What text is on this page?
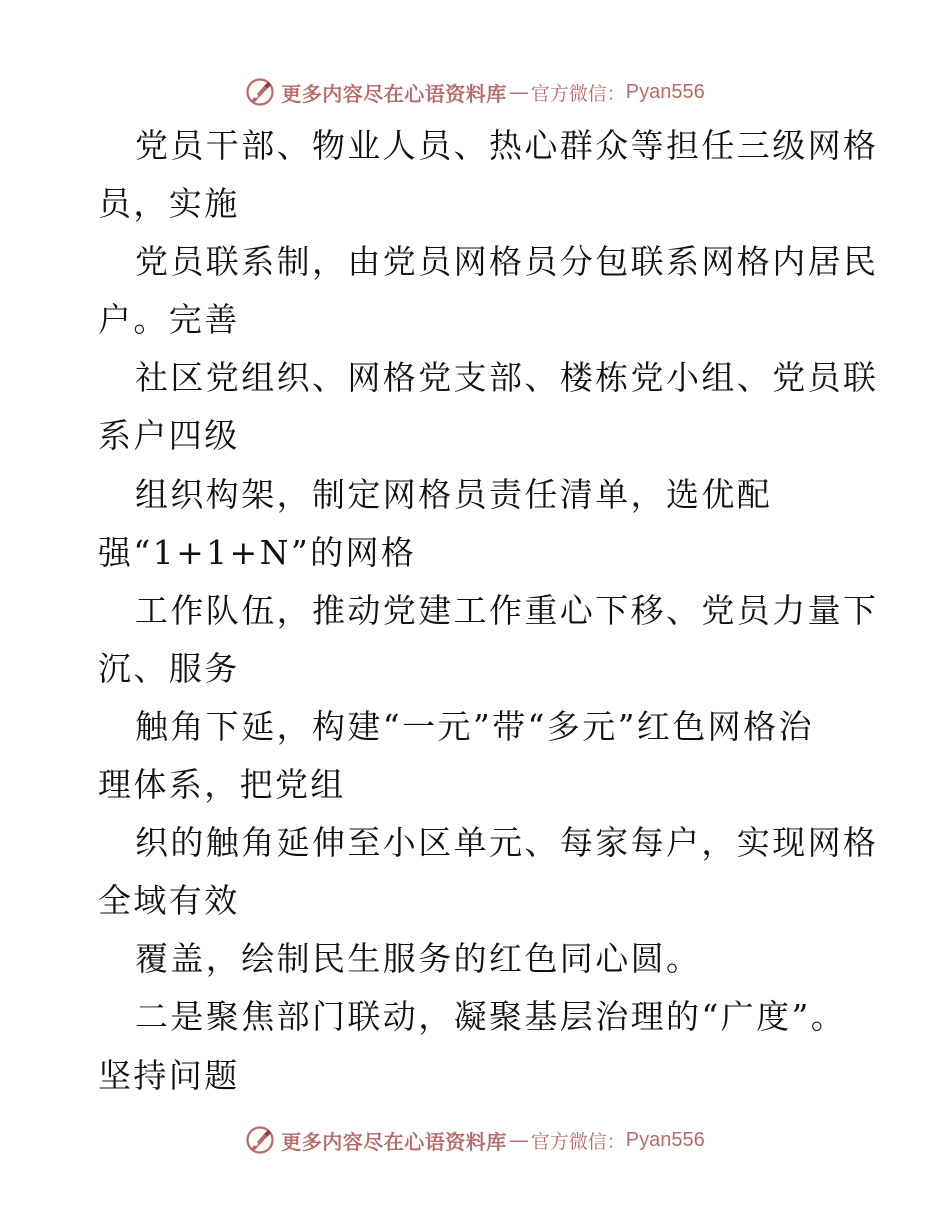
更多内容尽在心语资料库 — 官方微信： Pyan556
党员干部、物业人员、热心群众等担任三级网格
员，实施
党员联系制，由党员网格员分包联系网格内居民
户。完善
社区党组织、网格党支部、楼栋党小组、党员联
系户四级
组织构架，制定网格员责任清单，选优配
强“1+1+N”的网格
工作队伍，推动党建工作重心下移、党员力量下
沉、服务
触角下延，构建“一元”带“多元”红色网格治
理体系，把党组
织的触角延伸至小区单元、每家每户，实现网格
全域有效
覆盖，绘制民生服务的红色同心圆。
二是聚焦部门联动，凝聚基层治理的“广度”。
坚持问题
更多内容尽在心语资料库 — 官方微信： Pyan556
